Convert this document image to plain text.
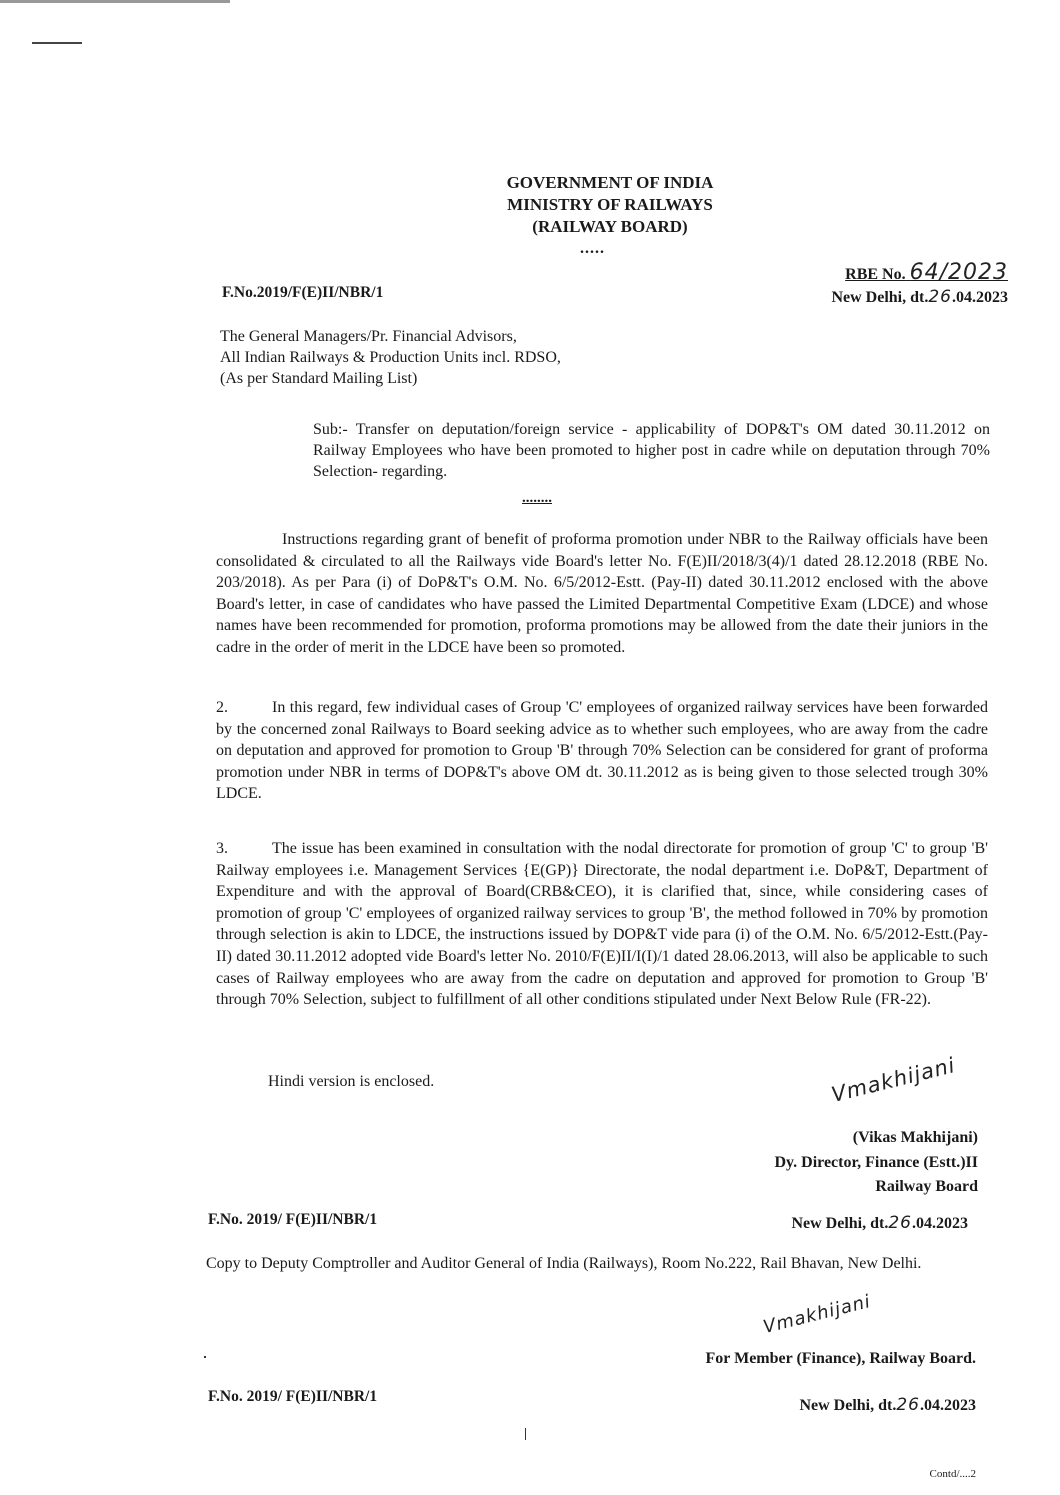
GOVERNMENT OF INDIA
MINISTRY OF RAILWAYS
(RAILWAY BOARD)
.....
F.No.2019/F(E)II/NBR/1
RBE No. 64/2023
New Delhi, dt.26.04.2023
The General Managers/Pr. Financial Advisors,
All Indian Railways & Production Units incl. RDSO,
(As per Standard Mailing List)
Sub:- Transfer on deputation/foreign service - applicability of DOP&T's OM dated 30.11.2012 on Railway Employees who have been promoted to higher post in cadre while on deputation through 70% Selection- regarding.
........

Instructions regarding grant of benefit of proforma promotion under NBR to the Railway officials have been consolidated & circulated to all the Railways vide Board's letter No. F(E)II/2018/3(4)/1 dated 28.12.2018 (RBE No. 203/2018). As per Para (i) of DoP&T's O.M. No. 6/5/2012-Estt. (Pay-II) dated 30.11.2012 enclosed with the above Board's letter, in case of candidates who have passed the Limited Departmental Competitive Exam (LDCE) and whose names have been recommended for promotion, proforma promotions may be allowed from the date their juniors in the cadre in the order of merit in the LDCE have been so promoted.

2.	In this regard, few individual cases of Group 'C' employees of organized railway services have been forwarded by the concerned zonal Railways to Board seeking advice as to whether such employees, who are away from the cadre on deputation and approved for promotion to Group 'B' through 70% Selection can be considered for grant of proforma promotion under NBR in terms of DOP&T's above OM dt. 30.11.2012 as is being given to those selected trough 30% LDCE.

3.	The issue has been examined in consultation with the nodal directorate for promotion of group 'C' to group 'B' Railway employees i.e. Management Services {E(GP)} Directorate, the nodal department i.e. DoP&T, Department of Expenditure and with the approval of Board(CRB&CEO), it is clarified that, since, while considering cases of promotion of group 'C' employees of organized railway services to group 'B', the method followed in 70% by promotion through selection is akin to LDCE, the instructions issued by DOP&T vide para (i) of the O.M. No. 6/5/2012-Estt.(Pay-II) dated 30.11.2012 adopted vide Board's letter No. 2010/F(E)II/I(I)/1 dated 28.06.2013, will also be applicable to such cases of Railway employees who are away from the cadre on deputation and approved for promotion to Group 'B' through 70% Selection, subject to fulfillment of all other conditions stipulated under Next Below Rule (FR-22).

Hindi version is enclosed.	Vmakhijani
(Vikas Makhijani)
Dy. Director, Finance (Estt.)II
Railway Board
F.No. 2019/ F(E)II/NBR/1	New Delhi, dt.26.04.2023
Copy to Deputy Comptroller and Auditor General of India (Railways), Room No.222, Rail Bhavan, New Delhi.
Vmakhijani
For Member (Finance), Railway Board.
F.No. 2019/ F(E)II/NBR/1
New Delhi, dt.26.04.2023
Contd/....2
